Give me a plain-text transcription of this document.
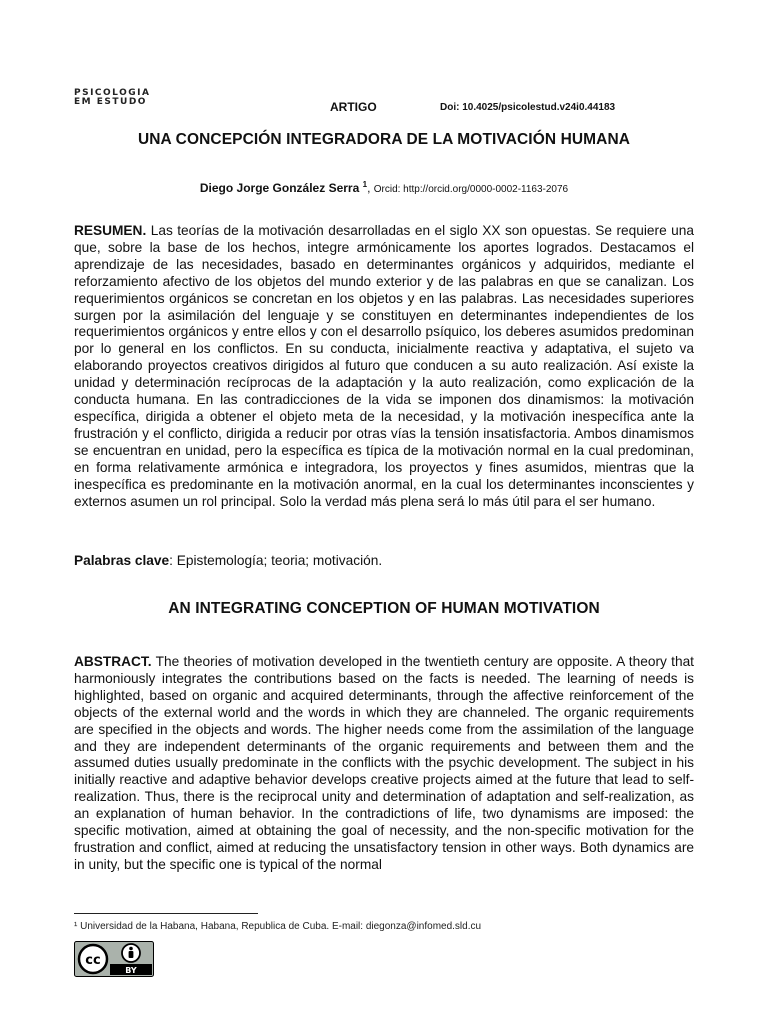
PSICOLOGIA
EM ESTUDO	ARTIGO	Doi: 10.4025/psicolestud.v24i0.44183
UNA CONCEPCIÓN INTEGRADORA DE LA MOTIVACIÓN HUMANA
Diego Jorge González Serra $^1$, Orcid: http://orcid.org/0000-0002-1163-2076

RESUMEN. Las teorías de la motivación desarrolladas en el siglo XX son opuestas. Se requiere una que, sobre la base de los hechos, integre armónicamente los aportes logrados. Destacamos el aprendizaje de las necesidades, basado en determinantes orgánicos y adquiridos, mediante el reforzamiento afectivo de los objetos del mundo exterior y de las palabras en que se canalizan. Los requerimientos orgánicos se concretan en los objetos y en las palabras. Las necesidades superiores surgen por la asimilación del lenguaje y se constituyen en determinantes independientes de los requerimientos orgánicos y entre ellos y con el desarrollo psíquico, los deberes asumidos predominan por lo general en los conflictos. En su conducta, inicialmente reactiva y adaptativa, el sujeto va elaborando proyectos creativos dirigidos al futuro que conducen a su auto realización. Así existe la unidad y determinación recíprocas de la adaptación y la auto realización, como explicación de la conducta humana. En las contradicciones de la vida se imponen dos dinamismos: la motivación específica, dirigida a obtener el objeto meta de la necesidad, y la motivación inespecífica ante la frustración y el conflicto, dirigida a reducir por otras vías la tensión insatisfactoria. Ambos dinamismos se encuentran en unidad, pero la específica es típica de la motivación normal en la cual predominan, en forma relativamente armónica e integradora, los proyectos y fines asumidos, mientras que la inespecífica es predominante en la motivación anormal, en la cual los determinantes inconscientes y externos asumen un rol principal. Solo la verdad más plena será lo más útil para el ser humano.

Palabras clave: Epistemología; teoria; motivación.

AN INTEGRATING CONCEPTION OF HUMAN MOTIVATION

ABSTRACT. The theories of motivation developed in the twentieth century are opposite. A theory that harmoniously integrates the contributions based on the facts is needed. The learning of needs is highlighted, based on organic and acquired determinants, through the affective reinforcement of the objects of the external world and the words in which they are channeled. The organic requirements are specified in the objects and words. The higher needs come from the assimilation of the language and they are independent determinants of the organic requirements and between them and the assumed duties usually predominate in the conflicts with the psychic development. The subject in his initially reactive and adaptive behavior develops creative projects aimed at the future that lead to self-realization. Thus, there is the reciprocal unity and determination of adaptation and self-realization, as an explanation of human behavior. In the contradictions of life, two dynamisms are imposed: the specific motivation, aimed at obtaining the goal of necessity, and the non-specific motivation for the frustration and conflict, aimed at reducing the unsatisfactory tension in other ways. Both dynamics are in unity, but the specific one is typical of the normal

¹ Universidad de la Habana, Habana, Republica de Cuba. E-mail: diegonza@infomed.sld.cu
cc
BY
